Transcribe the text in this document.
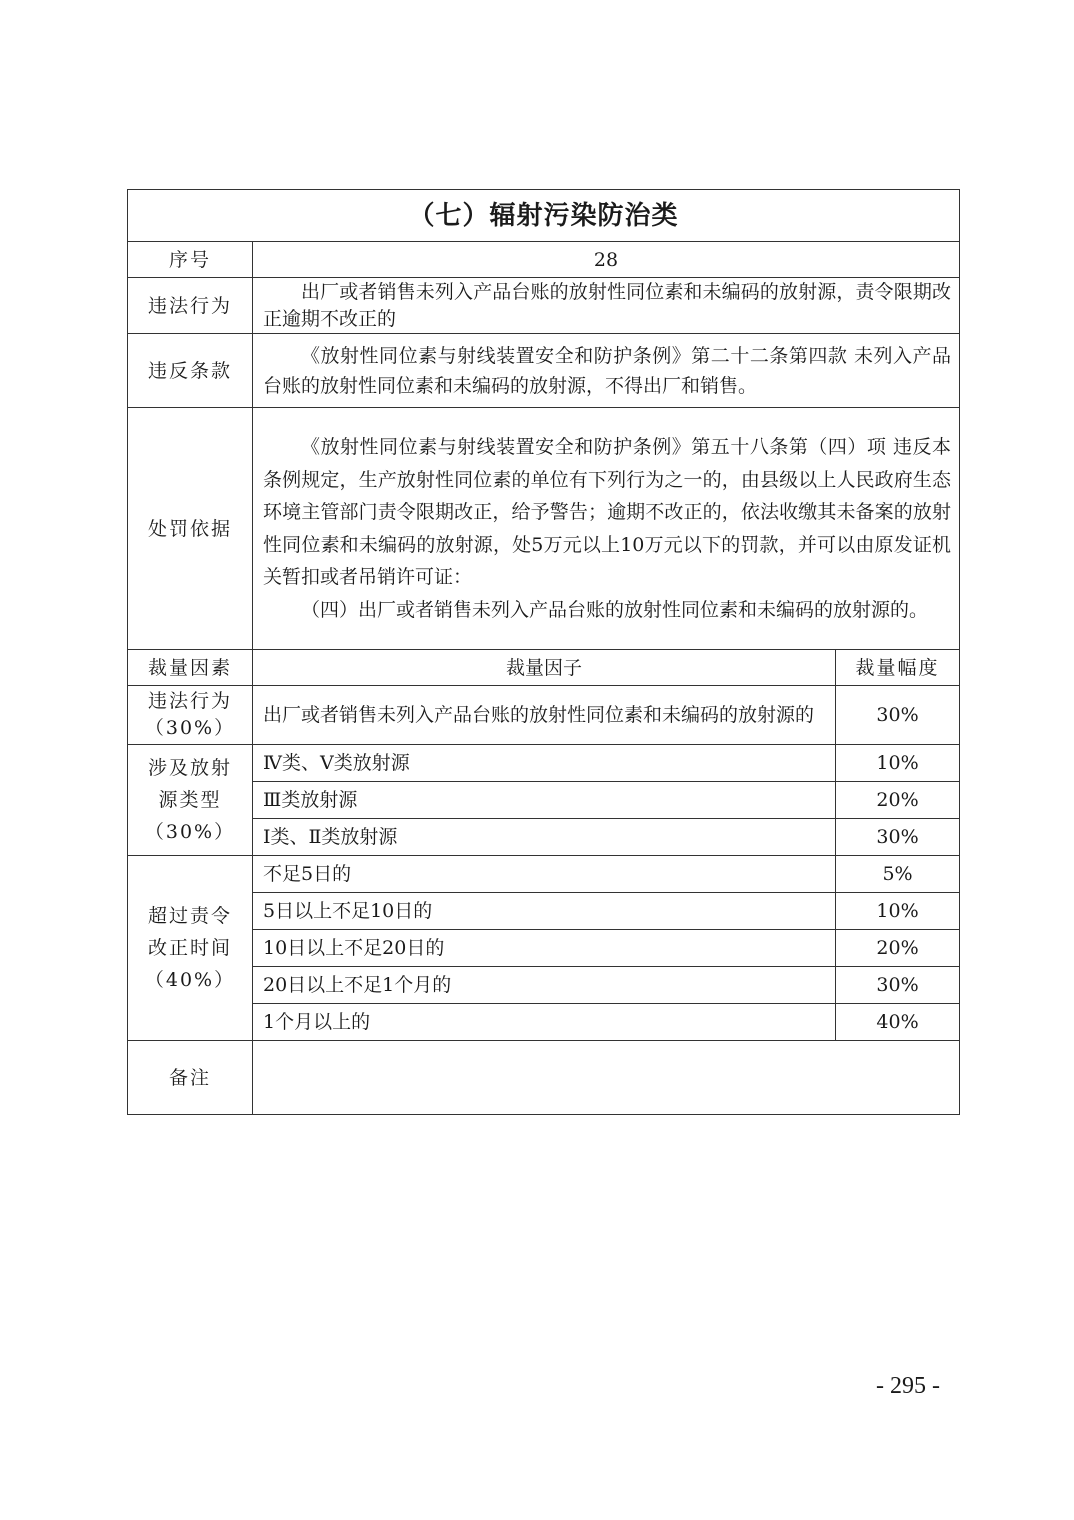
（七）辐射污染防治类		
序号	28	
违法行为	出厂或者销售未列入产品台账的放射性同位素和未编码的放射源，责令限期改正逾期不改正的	

违反条款	《放射性同位素与射线装置安全和防护条例》第二十二条第四款 未列入产品台账的放射性同位素和未编码的放射源，不得出厂和销售。	

处罚依据	《放射性同位素与射线装置安全和防护条例》第五十八条第（四）项 违反本条例规定，生产放射性同位素的单位有下列行为之一的，由县级以上人民政府生态环境主管部门责令限期改正，给予警告；逾期不改正的，依法收缴其未备案的放射性同位素和未编码的放射源，处5万元以上10万元以下的罚款，并可以由原发证机关暂扣或者吊销许可证：

（四）出厂或者销售未列入产品台账的放射性同位素和未编码的放射源的。	

裁量因素	裁量因子	裁量幅度

违法行为
（30%）	出厂或者销售未列入产品台账的放射性同位素和未编码的放射源的	30%

涉及放射
源类型
（30%）	Ⅳ类、Ⅴ类放射源	10%
	Ⅲ类放射源	20%
	Ⅰ类、Ⅱ类放射源	30%

超过责令
改正时间
（40%）	不足5日的	5%
	5日以上不足10日的	10%
	10日以上不足20日的	20%
	20日以上不足1个月的	30%
	1个月以上的	40%
备注		
- 295 -
